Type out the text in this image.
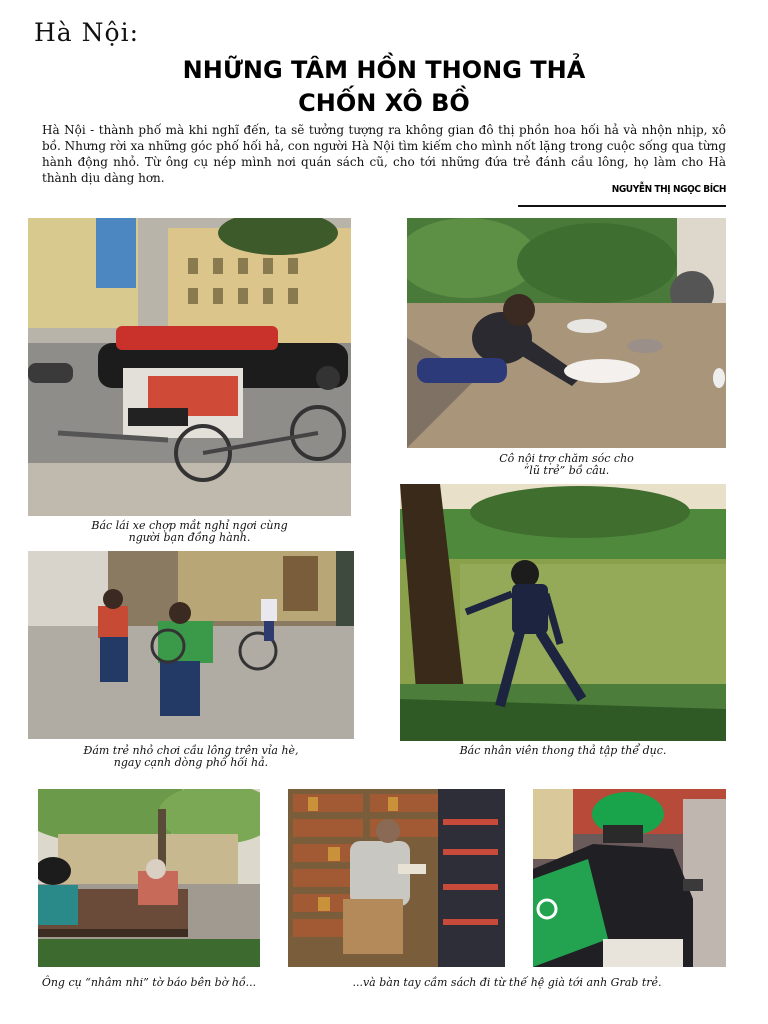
Hà Nội:
NHỮNG TÂM HỒN THONG THẢ
CHỐN XÔ BỒ
Hà Nội - thành phố mà khi nghĩ đến, ta sẽ tưởng tượng ra không gian đô thị phồn hoa hối hả và nhộn nhịp, xô bồ. Nhưng rời xa những góc phố hối hả, con người Hà Nội tìm kiếm cho mình nốt lặng trong cuộc sống qua từng hành động nhỏ. Từ ông cụ nép mình nơi quán sách cũ, cho tới những đứa trẻ đánh cầu lông, họ làm cho Hà thành dịu dàng hơn.
NGUYỄN THỊ NGỌC BÍCH
Bác lái xe chợp mắt nghỉ ngơi cùng
người bạn đồng hành.
Cô nội trợ chăm sóc cho
“lũ trẻ” bồ câu.
Đám trẻ nhỏ chơi cầu lông trên vỉa hè,
ngay cạnh dòng phố hối hả.
Bác nhân viên thong thả tập thể dục.
Ông cụ “nhâm nhi” tờ báo bên bờ hồ...	...và bàn tay cầm sách đi từ thế hệ già tới anh Grab trẻ.
